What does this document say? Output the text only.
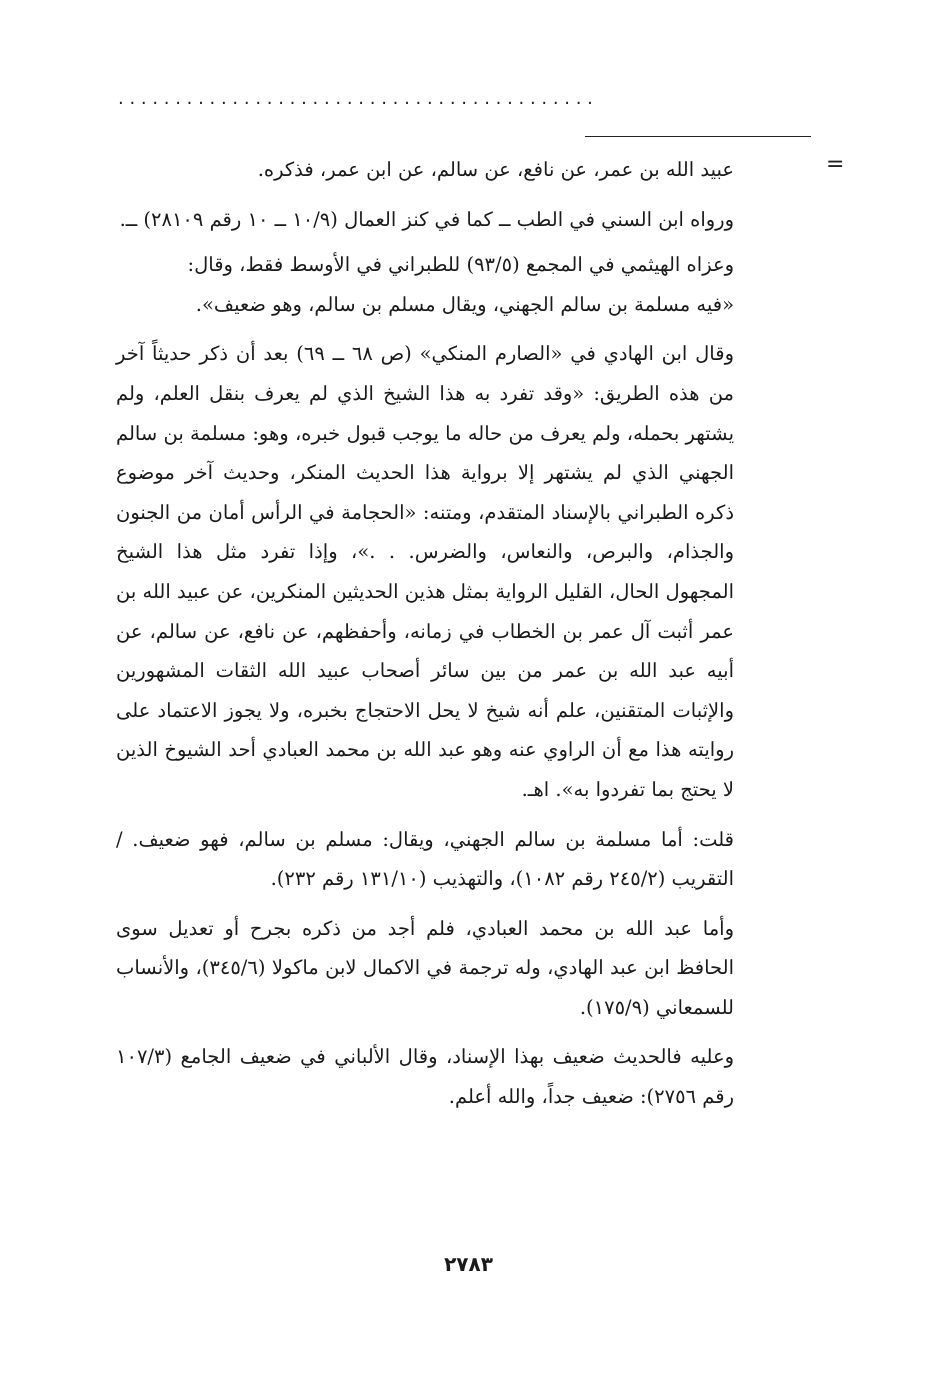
. . . . . . . . . . . . . . . . . . . . . . . . . . . . . . . . . . . . . . . . . .
=

عبيد الله بن عمر، عن نافع، عن سالم، عن ابن عمر، فذكره.

ورواه ابن السني في الطب ــ كما في كنز العمال (١٠/٩ ــ ١٠ رقم ٢٨١٠٩) ــ.

وعزاه الهيثمي في المجمع (٩٣/٥) للطبراني في الأوسط فقط، وقال:

«فيه مسلمة بن سالم الجهني، ويقال مسلم بن سالم، وهو ضعيف».

وقال ابن الهادي في «الصارم المنكي» (ص ٦٨ ــ ٦٩) بعد أن ذكر حديثاً آخر من هذه الطريق: «وقد تفرد به هذا الشيخ الذي لم يعرف بنقل العلم، ولم يشتهر بحمله، ولم يعرف من حاله ما يوجب قبول خبره، وهو: مسلمة بن سالم الجهني الذي لم يشتهر إلا برواية هذا الحديث المنكر، وحديث آخر موضوع ذكره الطبراني بالإسناد المتقدم، ومتنه: «الحجامة في الرأس أمان من الجنون والجذام، والبرص، والنعاس، والضرس. . .»، وإذا تفرد مثل هذا الشيخ المجهول الحال، القليل الرواية بمثل هذين الحديثين المنكرين، عن عبيد الله بن عمر أثبت آل عمر بن الخطاب في زمانه، وأحفظهم، عن نافع، عن سالم، عن أبيه عبد الله بن عمر من بين سائر أصحاب عبيد الله الثقات المشهورين والإثبات المتقنين، علم أنه شيخ لا يحل الاحتجاج بخبره، ولا يجوز الاعتماد على روايته هذا مع أن الراوي عنه وهو عبد الله بن محمد العبادي أحد الشيوخ الذين لا يحتج بما تفردوا به». اهـ.

قلت: أما مسلمة بن سالم الجهني، ويقال: مسلم بن سالم، فهو ضعيف. / التقريب (٢٤٥/٢ رقم ١٠٨٢)، والتهذيب (١٣١/١٠ رقم ٢٣٢).

وأما عبد الله بن محمد العبادي، فلم أجد من ذكره بجرح أو تعديل سوى الحافظ ابن عبد الهادي، وله ترجمة في الاكمال لابن ماكولا (٣٤٥/٦)، والأنساب للسمعاني (١٧٥/٩).

وعليه فالحديث ضعيف بهذا الإسناد، وقال الألباني في ضعيف الجامع (١٠٧/٣ رقم ٢٧٥٦): ضعيف جداً، والله أعلم.

٢٧٨٣
